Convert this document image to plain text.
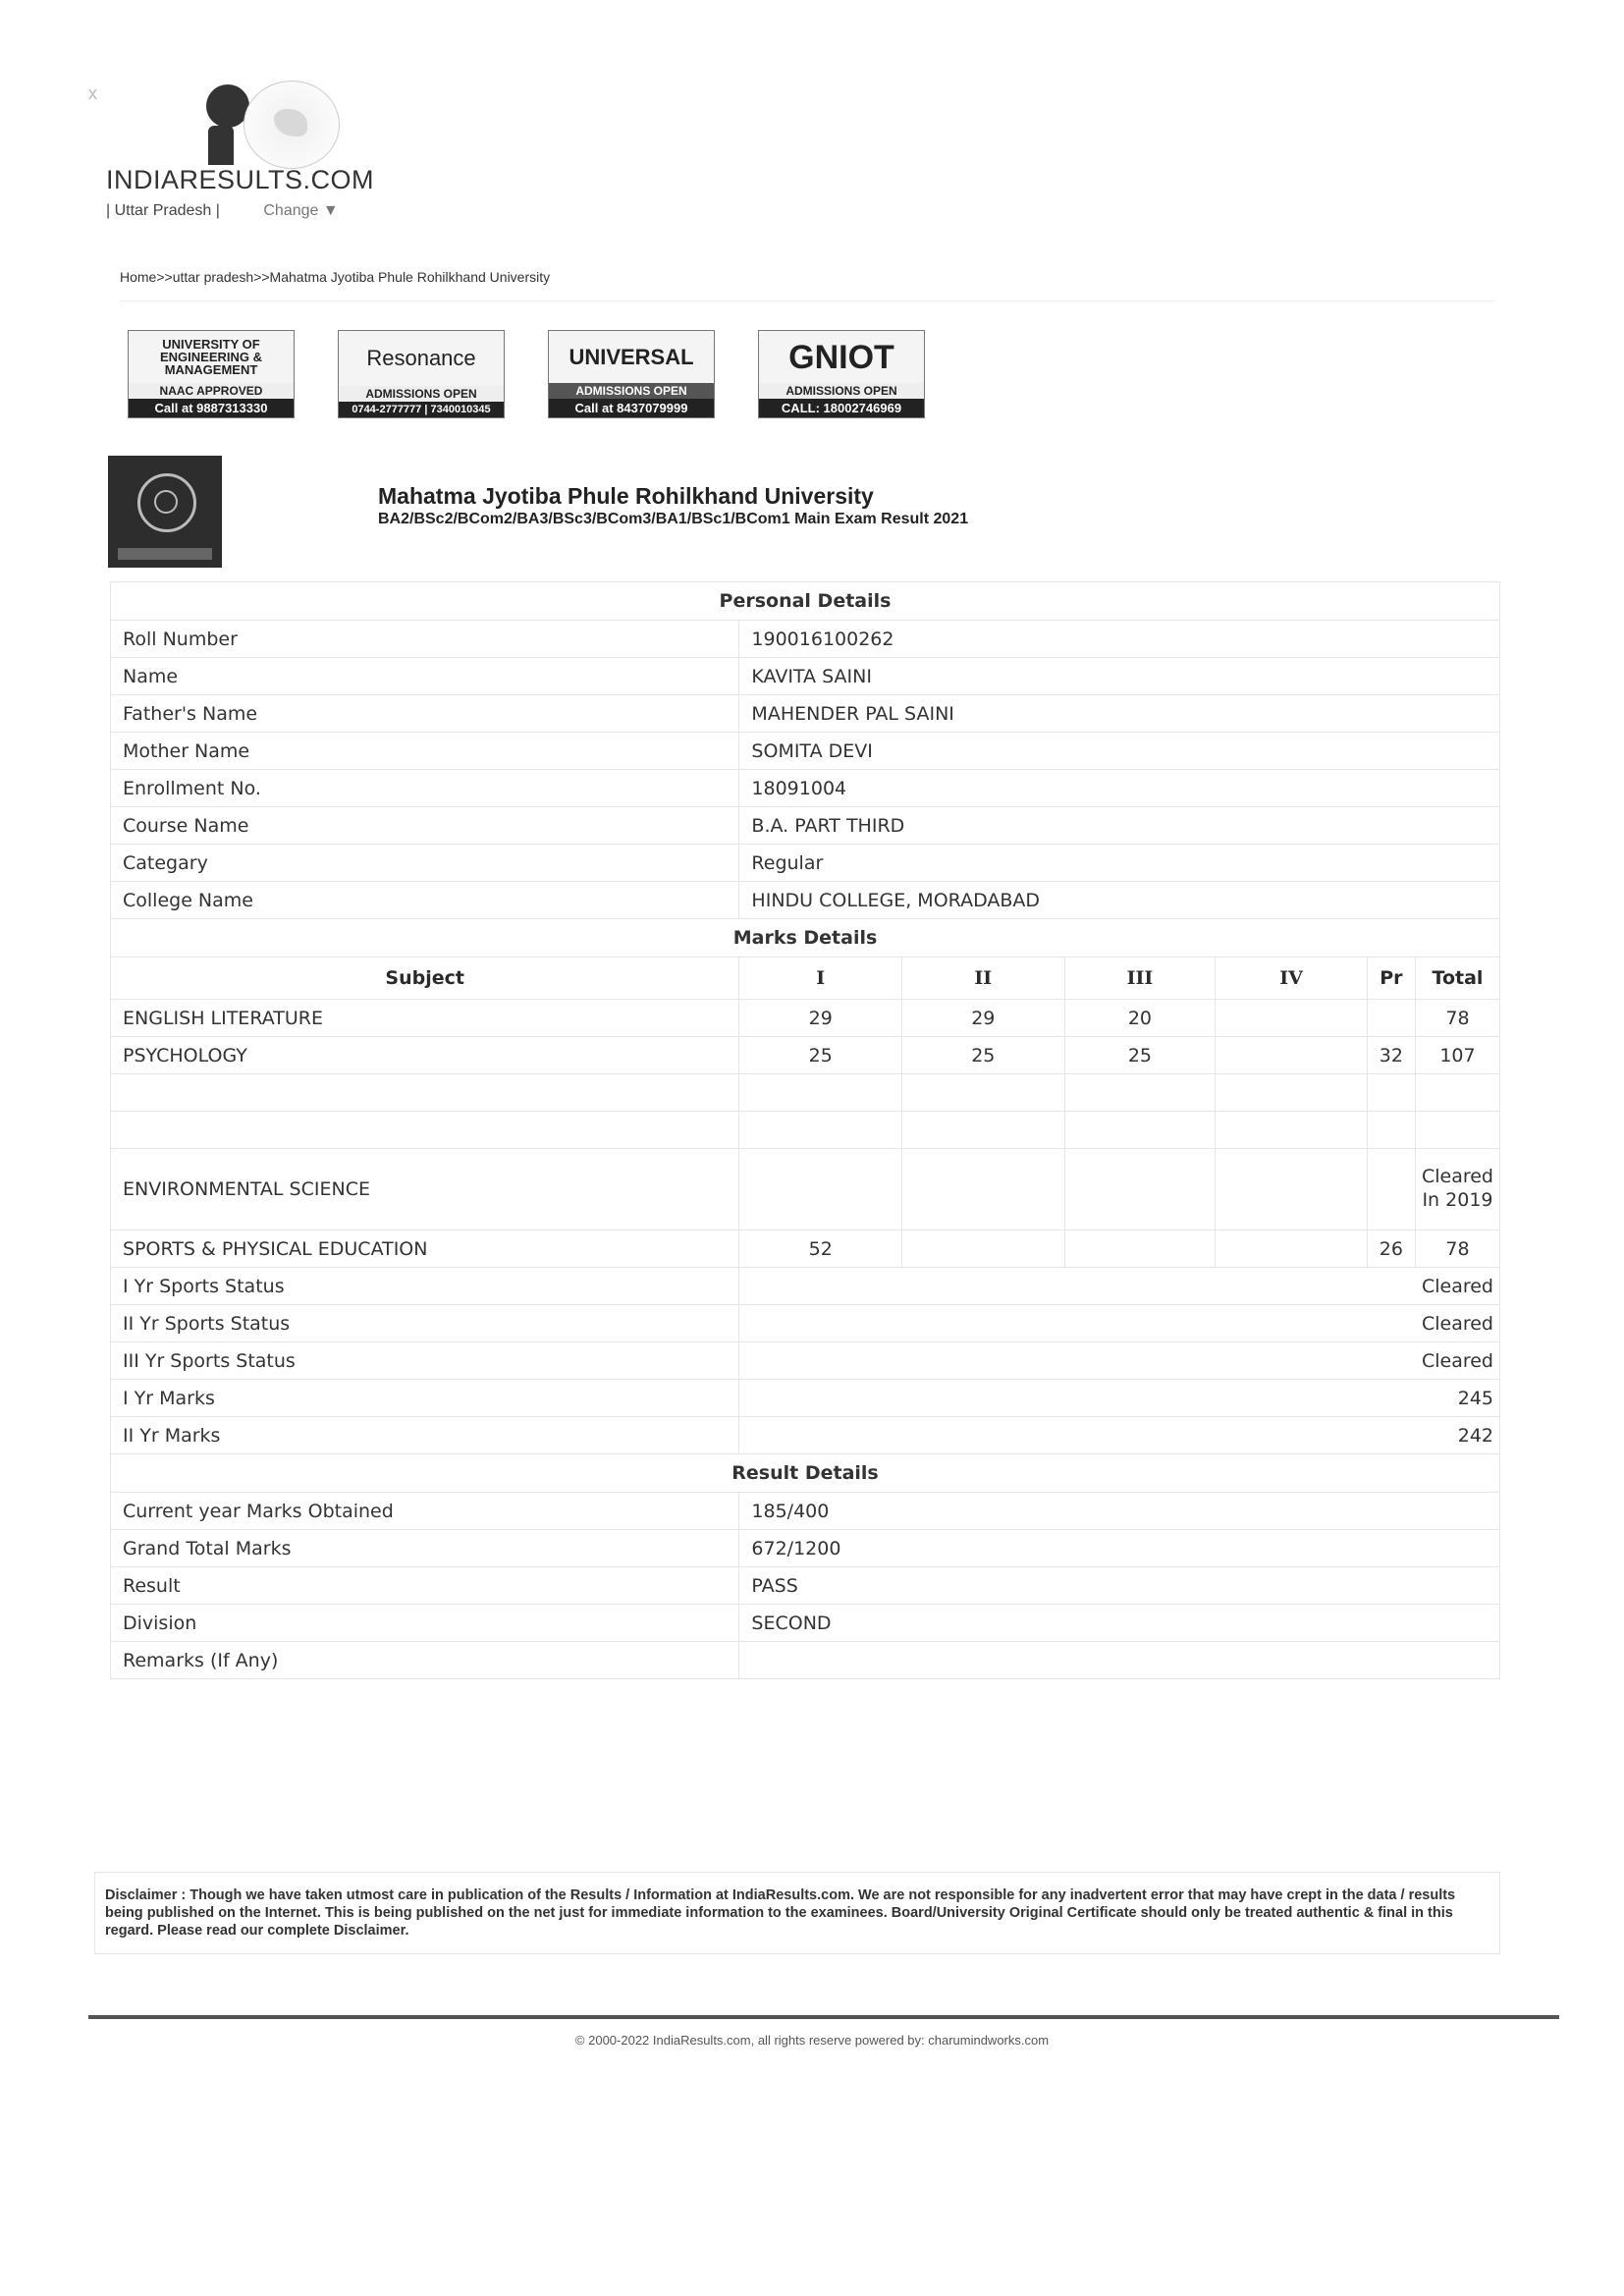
x
INDIARESULTS.COM
| Uttar Pradesh |	Change ▼
Home>>uttar pradesh>>Mahatma Jyotiba Phule Rohilkhand University
UNIVERSITY OF ENGINEERING & MANAGEMENT
NAAC APPROVED
Call at 9887313330
Resonance
ADMISSIONS OPEN
0744-2777777 | 7340010345
UNIVERSAL
ADMISSIONS OPEN
Call at 8437079999
GNIOT
ADMISSIONS OPEN
CALL: 18002746969
Mahatma Jyotiba Phule Rohilkhand University
BA2/BSc2/BCom2/BA3/BSc3/BCom3/BA1/BSc1/BCom1 Main Exam Result 2021
Personal Details						
Roll Number	190016100262					
Name	KAVITA SAINI					
Father's Name	MAHENDER PAL SAINI					
Mother Name	SOMITA DEVI					
Enrollment No.	18091004					
Course Name	B.A. PART THIRD					
Categary	Regular					
College Name	HINDU COLLEGE, MORADABAD					
Marks Details						
Subject	I	II	III	IV	Pr	Total
ENGLISH LITERATURE	29	29	20			78
PSYCHOLOGY	25	25	25		32	107

ENVIRONMENTAL SCIENCE						Cleared In 2019
SPORTS & PHYSICAL EDUCATION	52				26	78
I Yr Sports Status	Cleared					
II Yr Sports Status	Cleared					
III Yr Sports Status	Cleared					
I Yr Marks	245					
II Yr Marks	242					
Result Details						
Current year Marks Obtained	185/400					
Grand Total Marks	672/1200					
Result	PASS					
Division	SECOND					
Remarks (If Any)						
Disclaimer : Though we have taken utmost care in publication of the Results / Information at IndiaResults.com. We are not responsible for any inadvertent error that may have crept in the data / results being published on the Internet. This is being published on the net just for immediate information to the examinees. Board/University Original Certificate should only be treated authentic & final in this regard. Please read our complete Disclaimer.
© 2000-2022 IndiaResults.com, all rights reserve powered by: charumindworks.com
